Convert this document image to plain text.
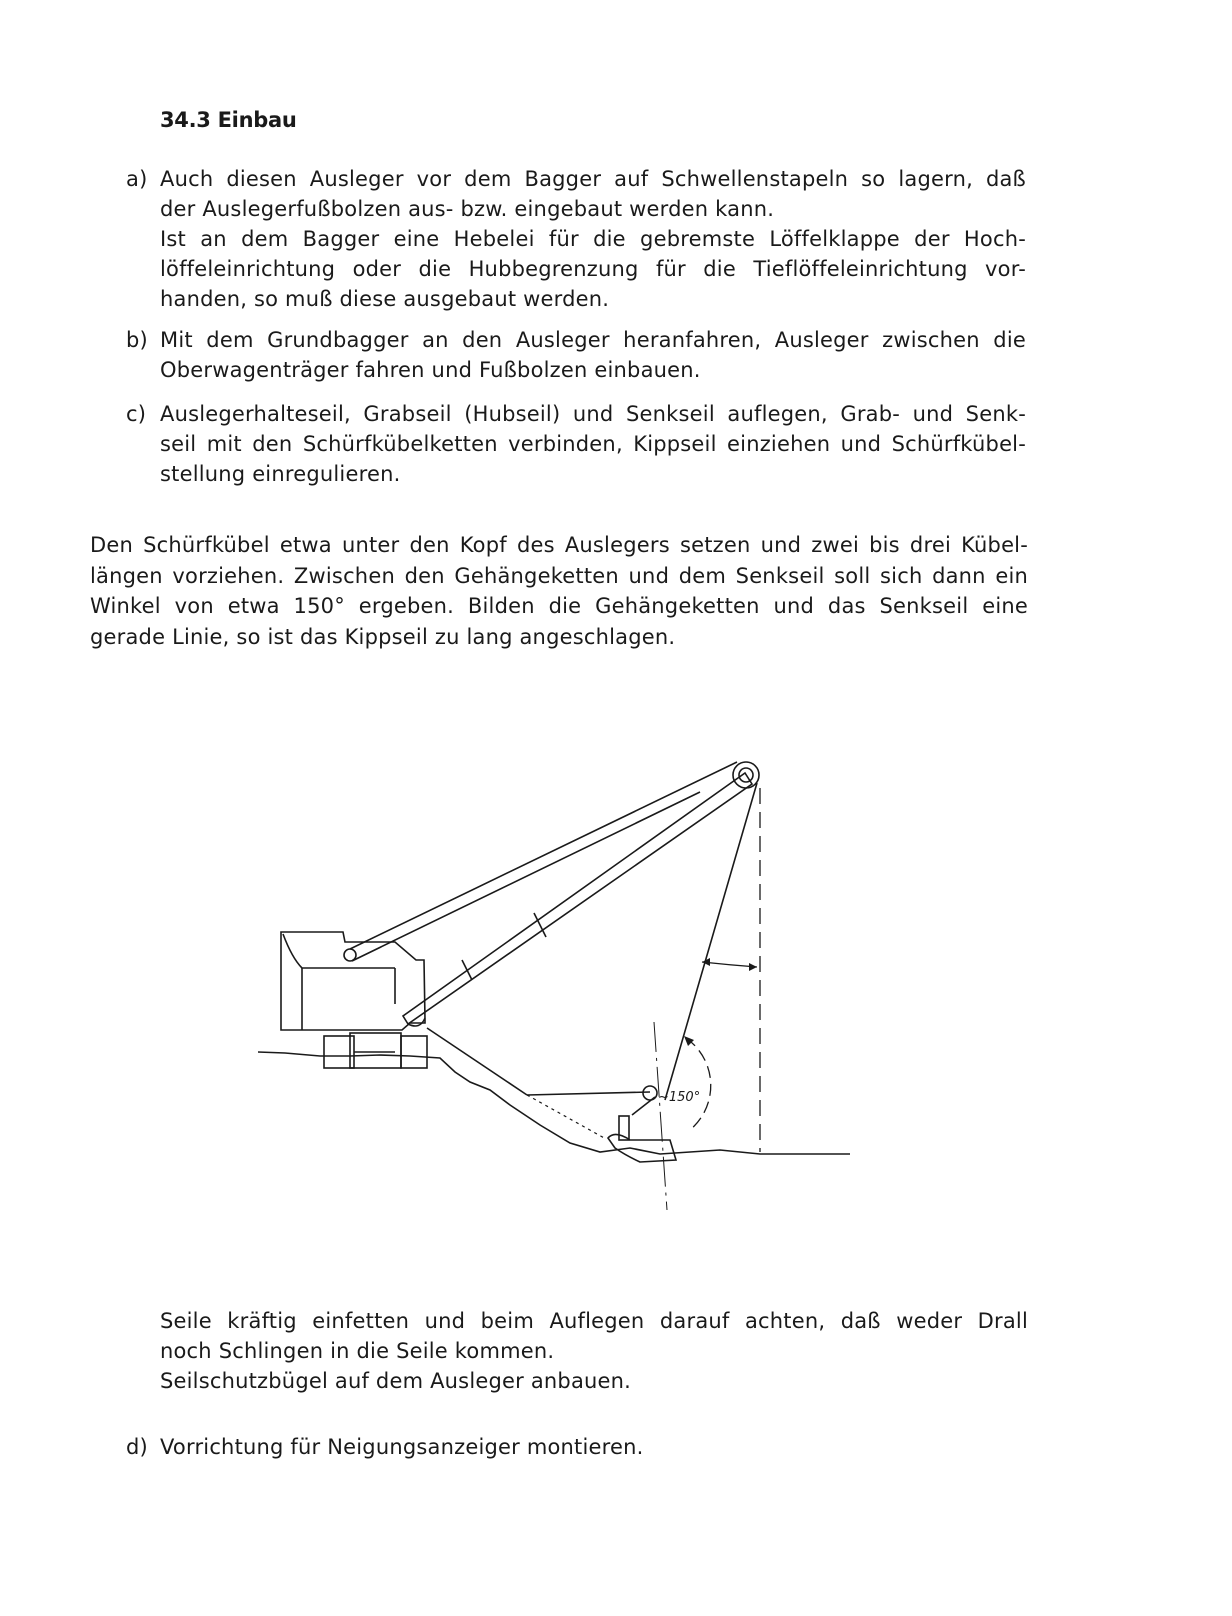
34.3 Einbau
a) Auch diesen Ausleger vor dem Bagger auf Schwellenstapeln so lagern, daß
der Auslegerfußbolzen aus- bzw. eingebaut werden kann.
Ist an dem Bagger eine Hebelei für die gebremste Löffelklappe der Hoch-
löffeleinrichtung oder die Hubbegrenzung für die Tieflöffeleinrichtung vor-
handen, so muß diese ausgebaut werden.
b) Mit dem Grundbagger an den Ausleger heranfahren, Ausleger zwischen die
Oberwagenträger fahren und Fußbolzen einbauen.
c) Auslegerhalteseil, Grabseil (Hubseil) und Senkseil auflegen, Grab- und Senk-
seil mit den Schürfkübelketten verbinden, Kippseil einziehen und Schürfkübel-
stellung einregulieren.
Den Schürfkübel etwa unter den Kopf des Auslegers setzen und zwei bis drei Kübel-
längen vorziehen. Zwischen den Gehängeketten und dem Senkseil soll sich dann ein
Winkel von etwa 150° ergeben. Bilden die Gehängeketten und das Senkseil eine
gerade Linie, so ist das Kippseil zu lang angeschlagen.
~150°
Seile kräftig einfetten und beim Auflegen darauf achten, daß weder Drall
noch Schlingen in die Seile kommen.
Seilschutzbügel auf dem Ausleger anbauen.
d) Vorrichtung für Neigungsanzeiger montieren.
